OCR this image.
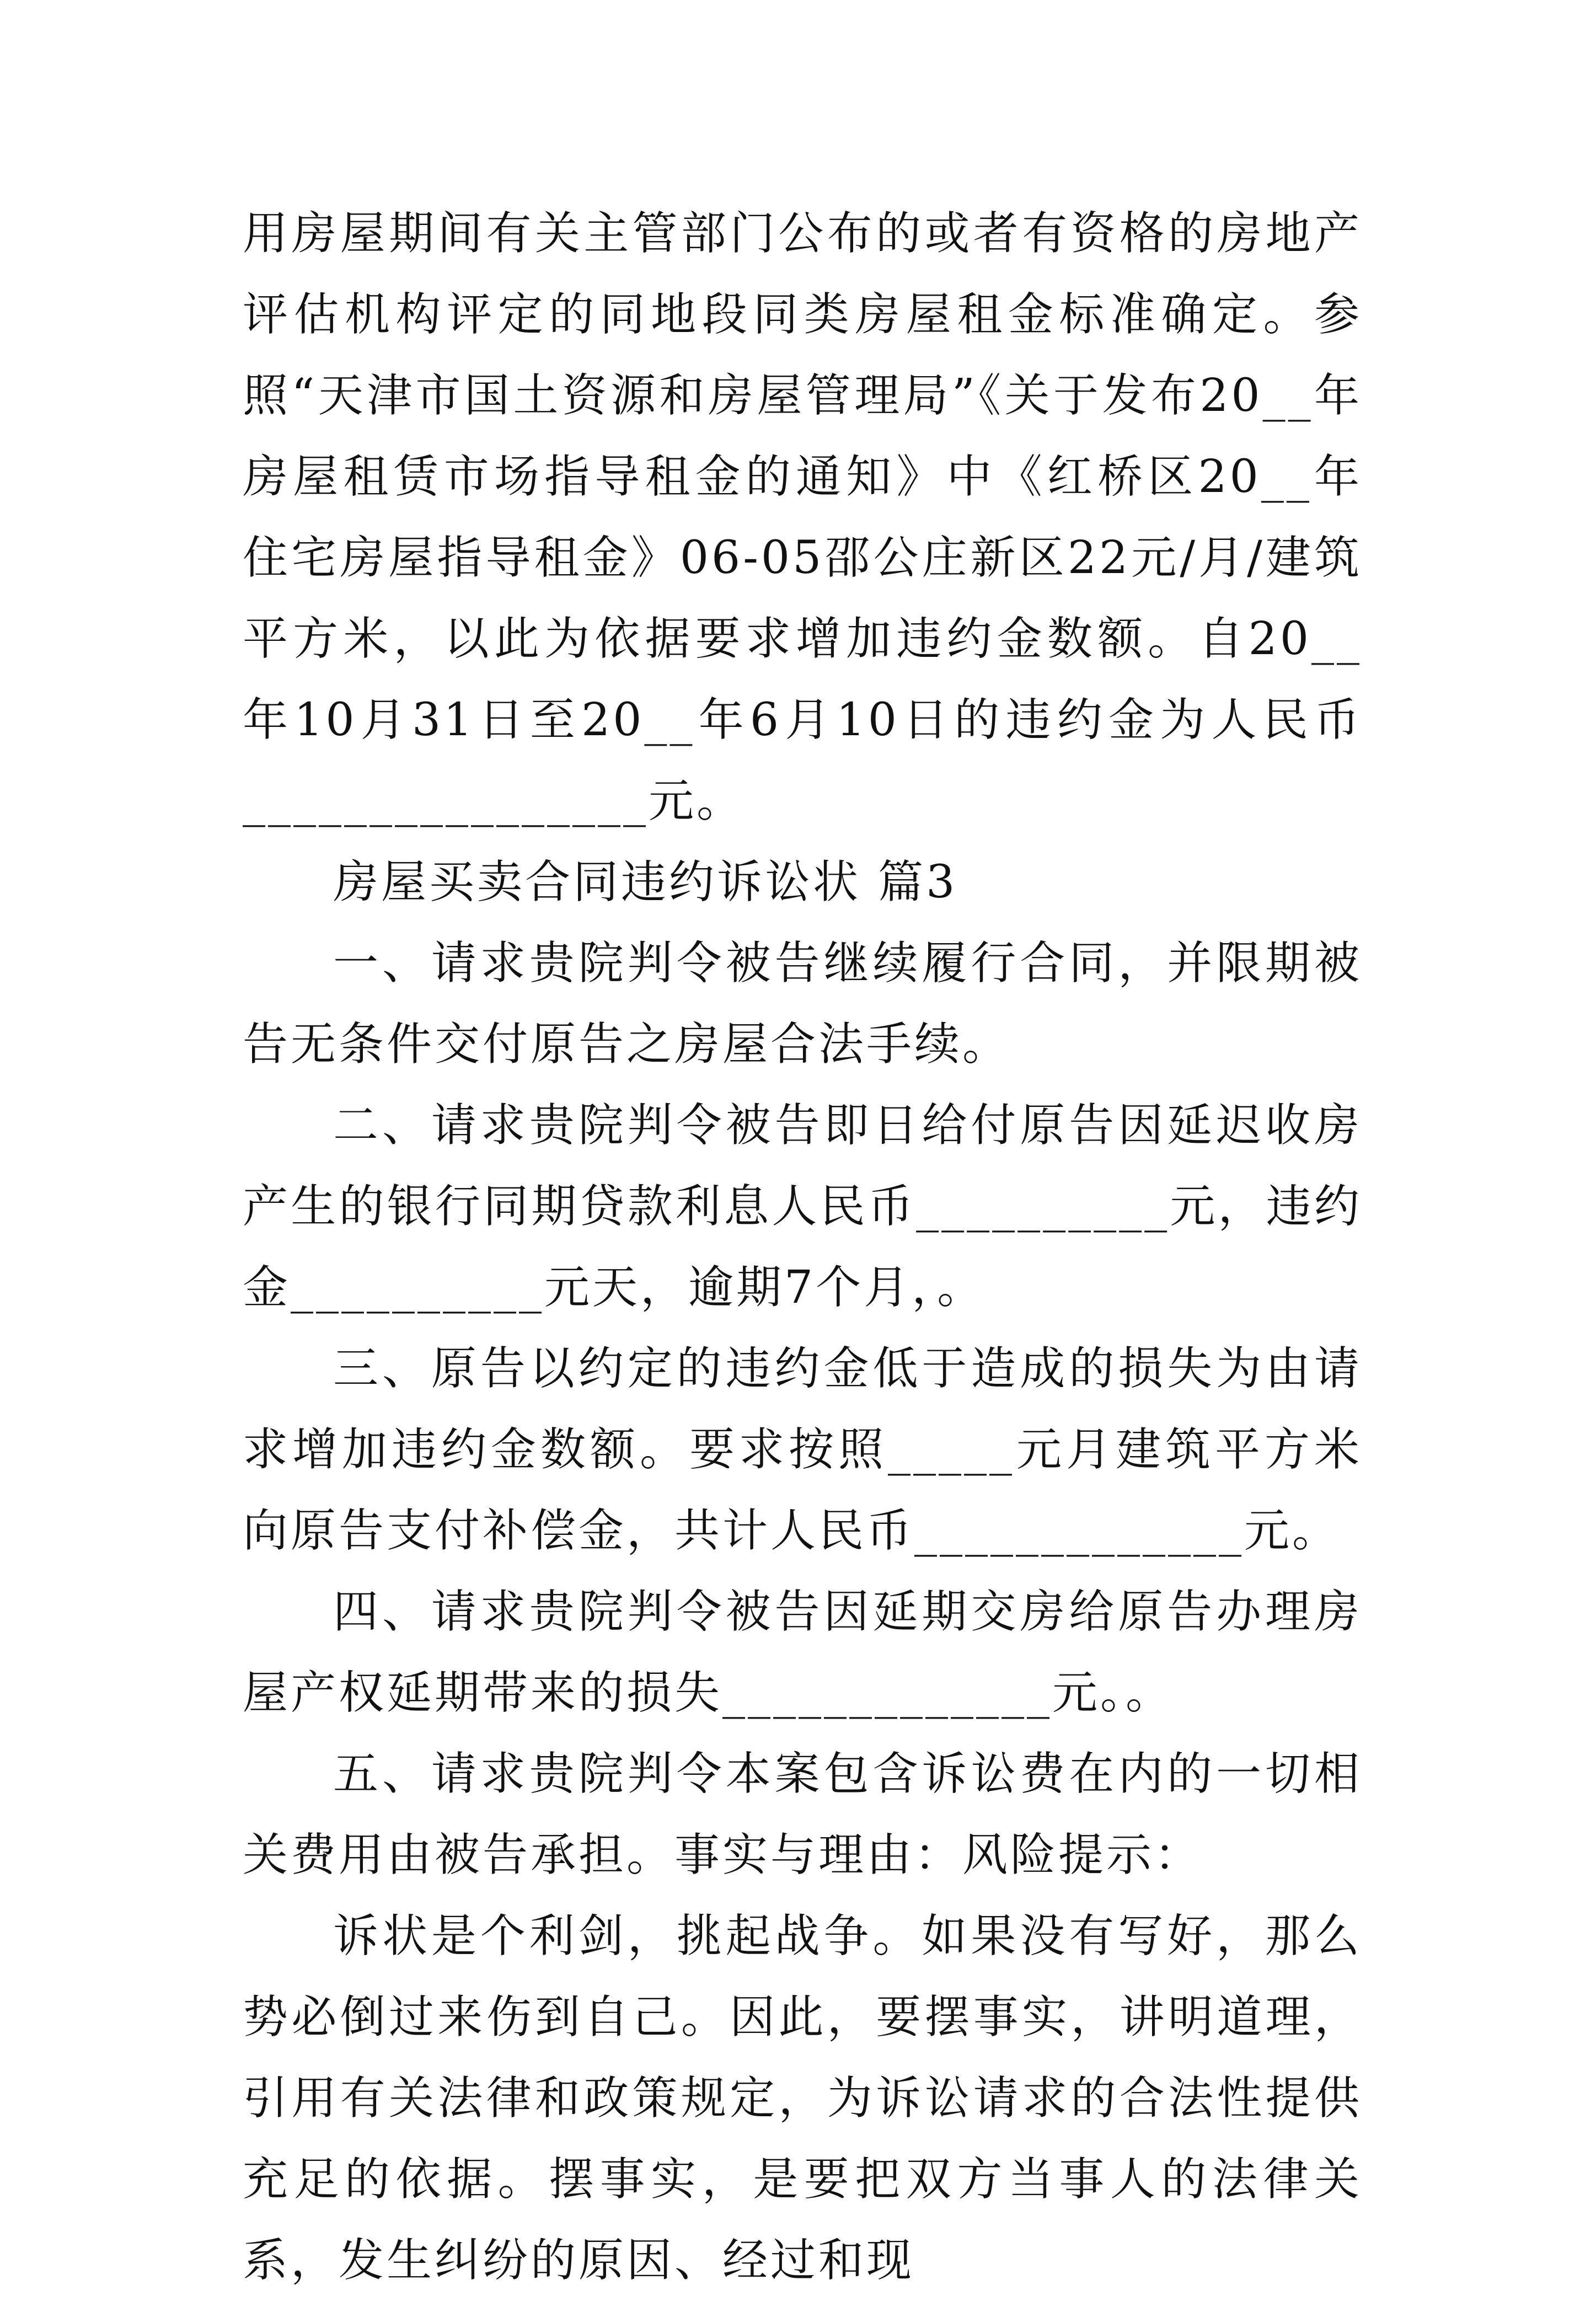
用房屋期间有关主管部门公布的或者有资格的房地产评估机构评定的同地段同类房屋租金标准确定。参照“天津市国土资源和房屋管理局”《关于发布20__年房屋租赁市场指导租金的通知》中《红桥区20__年住宅房屋指导租金》06-05邵公庄新区22元/月/建筑平方米，以此为依据要求增加违约金数额。自20__年10月31日至20__年6月10日的违约金为人民币________________元。

房屋买卖合同违约诉讼状 篇3

一、请求贵院判令被告继续履行合同，并限期被告无条件交付原告之房屋合法手续。

二、请求贵院判令被告即日给付原告因延迟收房产生的银行同期贷款利息人民币__________元，违约金__________元天，逾期7个月，。

三、原告以约定的违约金低于造成的损失为由请求增加违约金数额。要求按照_____元月建筑平方米向原告支付补偿金，共计人民币_____________元。

四、请求贵院判令被告因延期交房给原告办理房屋产权延期带来的损失_____________元。。

五、请求贵院判令本案包含诉讼费在内的一切相关费用由被告承担。事实与理由：风险提示：

诉状是个利剑，挑起战争。如果没有写好，那么势必倒过来伤到自己。因此，要摆事实，讲明道理，引用有关法律和政策规定，为诉讼请求的合法性提供充足的依据。摆事实，是要把双方当事人的法律关系，发生纠纷的原因、经过和现
